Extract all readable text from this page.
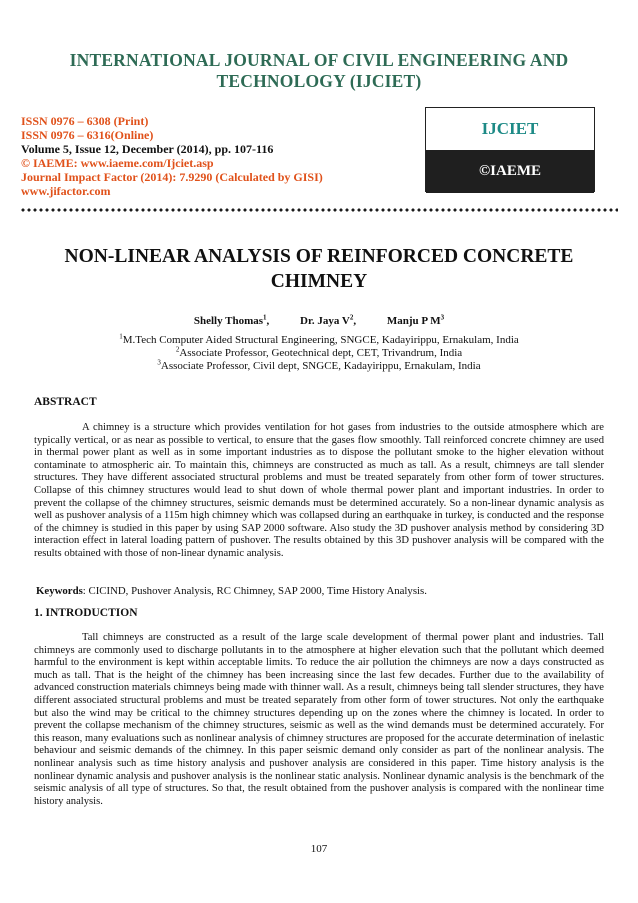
INTERNATIONAL JOURNAL OF CIVIL ENGINEERING AND
TECHNOLOGY (IJCIET)
ISSN 0976 – 6308 (Print)
ISSN 0976 – 6316(Online)
Volume 5, Issue 12, December (2014), pp. 107-116
© IAEME: www.iaeme.com/Ijciet.asp
Journal Impact Factor (2014): 7.9290 (Calculated by GISI)
www.jifactor.com
IJCIET
©IAEME
NON-LINEAR ANALYSIS OF REINFORCED CONCRETE
CHIMNEY
Shelly Thomas$^1$,	Dr. Jaya $V^2$,	Manju P $M^3$
$^1$M.Tech Computer Aided Structural Engineering, SNGCE, Kadayirippu, Ernakulam, India
$^2$Associate Professor, Geotechnical dept, CET, Trivandrum, India
$^3$Associate Professor, Civil dept, SNGCE, Kadayirippu, Ernakulam, India
ABSTRACT
A chimney is a structure which provides ventilation for hot gases from industries to the outside atmosphere which are typically vertical, or as near as possible to vertical, to ensure that the gases flow smoothly. Tall reinforced concrete chimney are used in thermal power plant as well as in some important industries as to dispose the pollutant smoke to the higher elevation without contaminate to atmospheric air. To maintain this, chimneys are constructed as much as tall. As a result, chimneys are tall slender structures. They have different associated structural problems and must be treated separately from other form of tower structures. Collapse of this chimney structures would lead to shut down of whole thermal power plant and important industries. In order to prevent the collapse of the chimney structures, seismic demands must be determined accurately. So a non-linear dynamic analysis as well as pushover analysis of a 115m high chimney which was collapsed during an earthquake in turkey, is conducted and the response of the chimney is studied in this paper by using SAP 2000 software. Also study the 3D pushover analysis method by considering 3D interaction effect in lateral loading pattern of pushover. The results obtained by this 3D pushover analysis will be compared with the results obtained with those of non-linear dynamic analysis.
Keywords: CICIND, Pushover Analysis, RC Chimney, SAP 2000, Time History Analysis.
1. INTRODUCTION
Tall chimneys are constructed as a result of the large scale development of thermal power plant and industries. Tall chimneys are commonly used to discharge pollutants in to the atmosphere at higher elevation such that the pollutant which deemed harmful to the environment is kept within acceptable limits. To reduce the air pollution the chimneys are now a days constructed as much as tall. That is the height of the chimney has been increasing since the last few decades. Further due to the availability of advanced construction materials chimneys being made with thinner wall. As a result, chimneys being tall slender structures, they have different associated structural problems and must be treated separately from other form of tower structures. Not only the earthquake but also the wind may be critical to the chimney structures depending up on the zones where the chimney is located. In order to prevent the collapse mechanism of the chimney structures, seismic as well as the wind demands must be determined accurately. For this reason, many evaluations such as nonlinear analysis of chimney structures are proposed for the accurate determination of inelastic behaviour and seismic demands of the chimney. In this paper seismic demand only consider as part of the nonlinear analysis. The nonlinear analysis such as time history analysis and pushover analysis are considered in this paper. Time history analysis is the nonlinear dynamic analysis and pushover analysis is the nonlinear static analysis. Nonlinear dynamic analysis is the benchmark of the seismic analysis of all type of structures. So that, the result obtained from the pushover analysis is compared with the nonlinear time history analysis.
107
